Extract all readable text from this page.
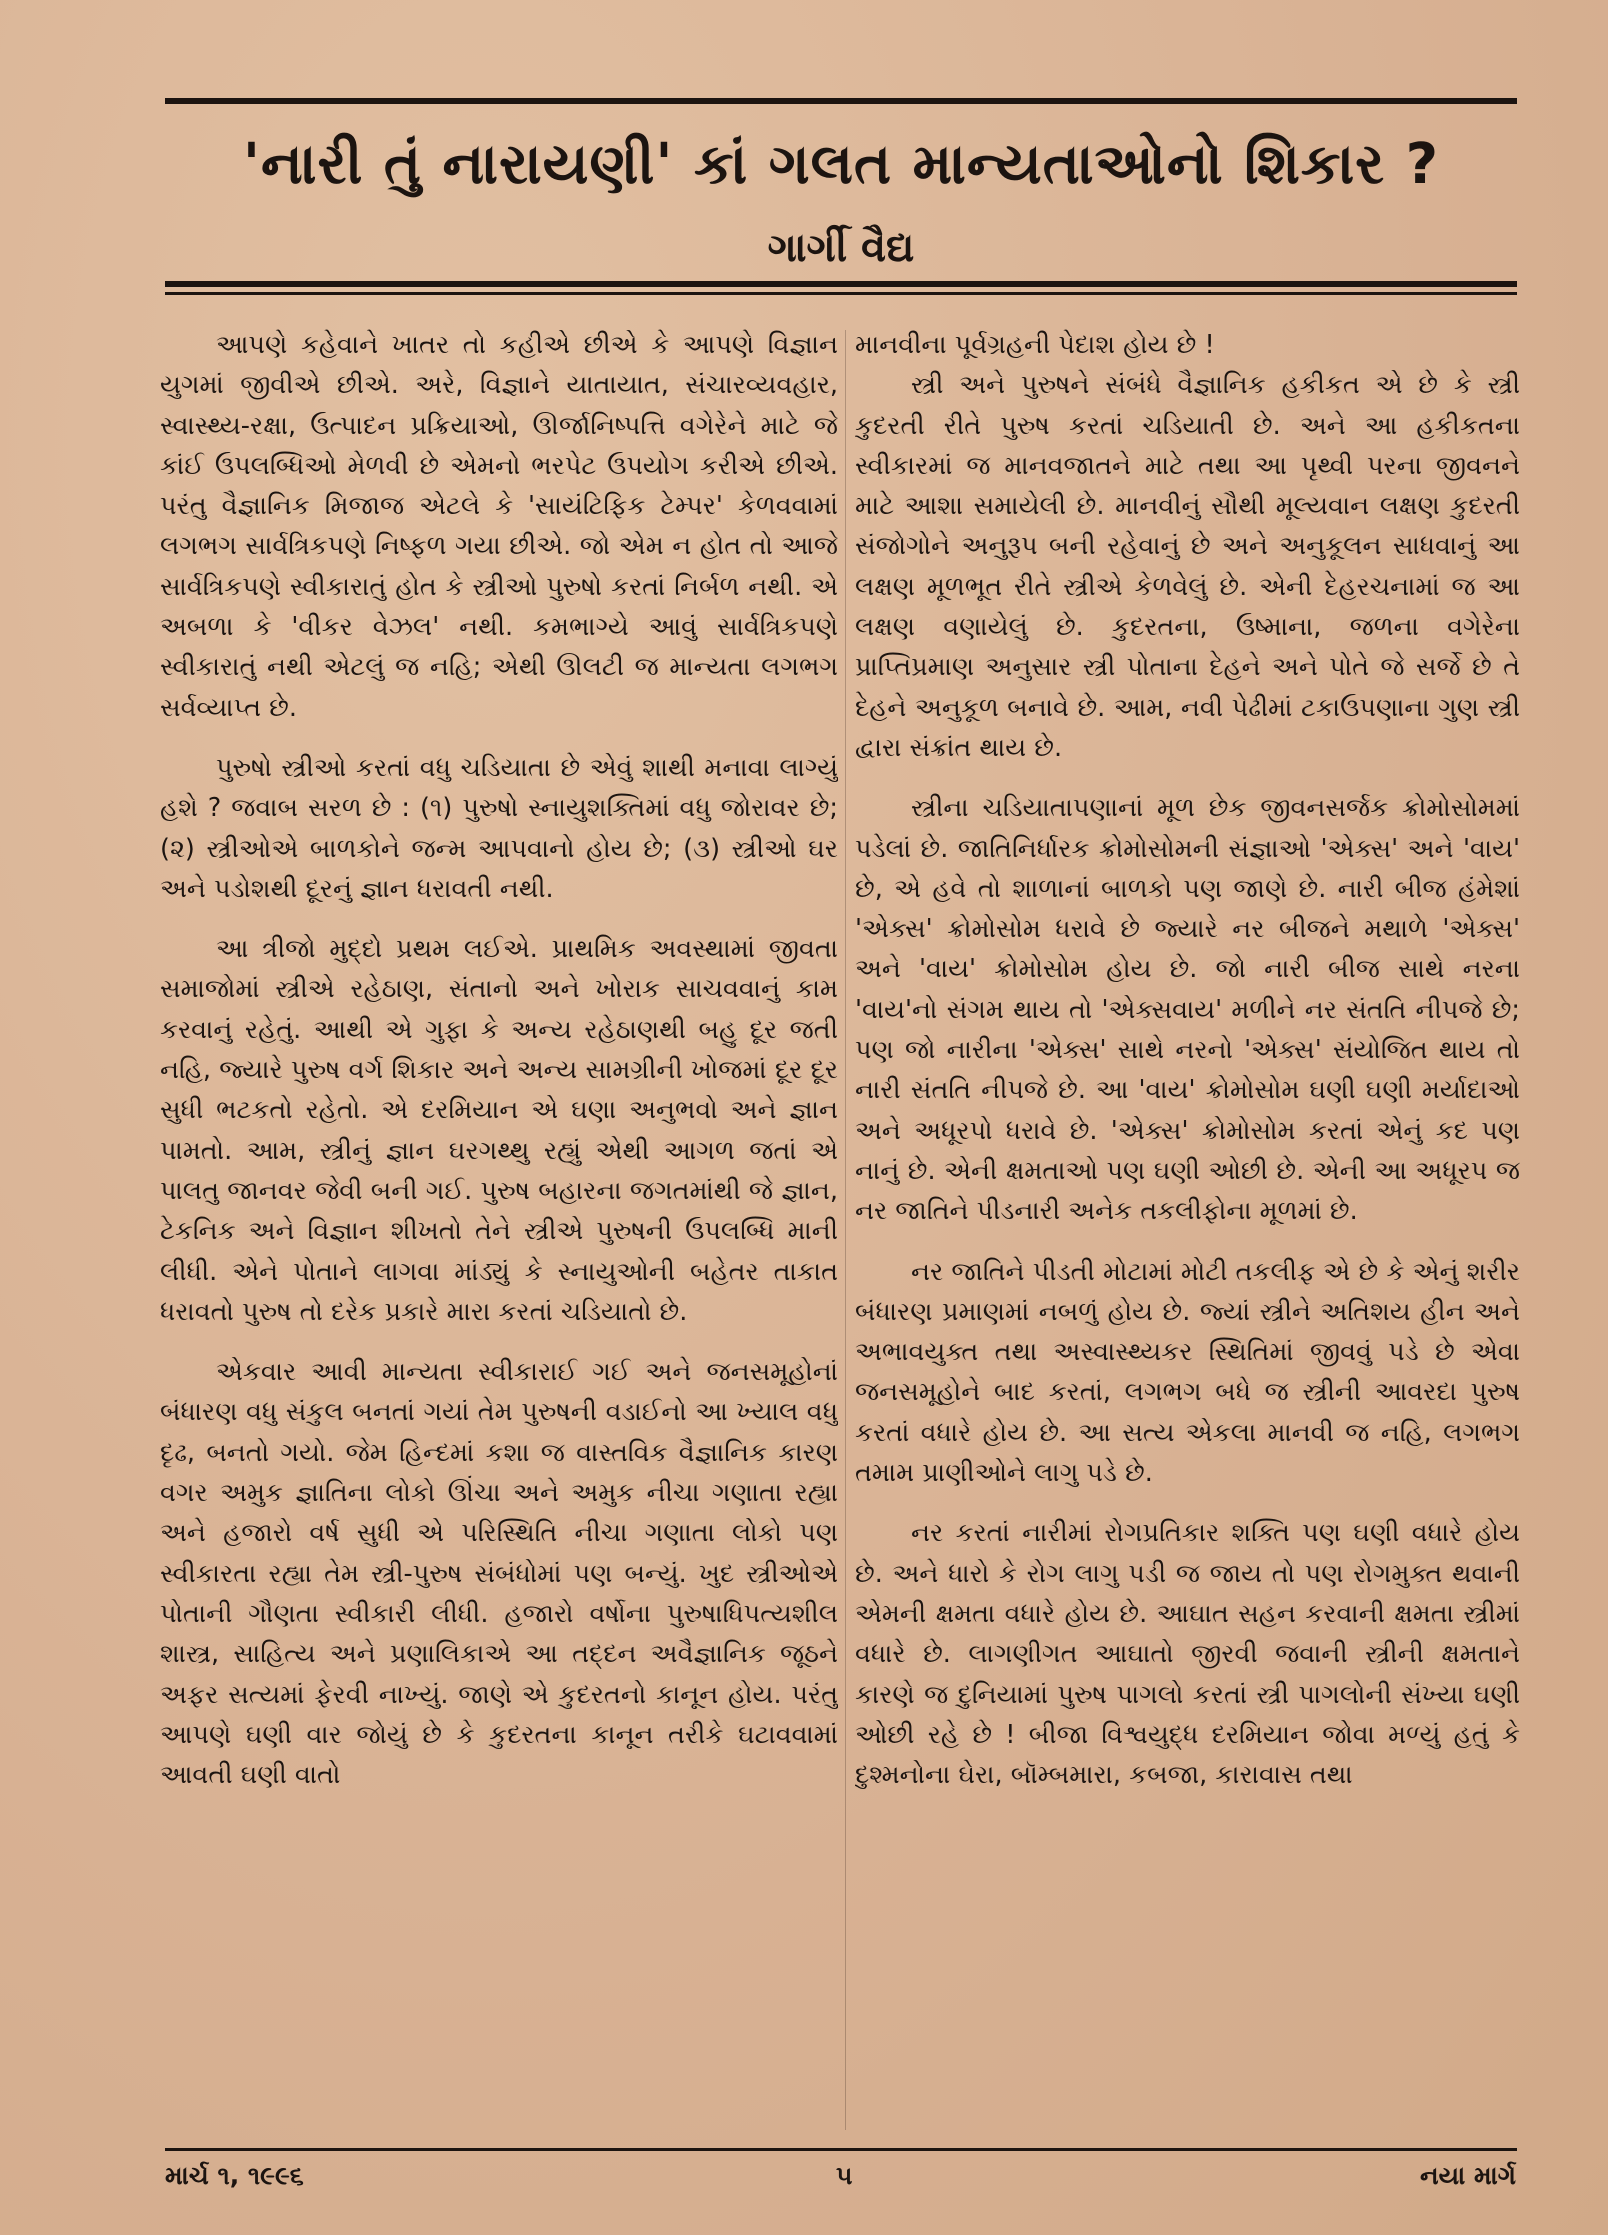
'નારી તું નારાયણી' કાં ગલત માન્યતાઓનો શિકાર ?
ગાર્ગી વૈદ્ય

આપણે કહેવાને ખાતર તો કહીએ છીએ કે આપણે વિજ્ઞાન યુગમાં જીવીએ છીએ. અરે, વિજ્ઞાને યાતાયાત, સંચારવ્યવહાર, સ્વાસ્થ્ય-રક્ષા, ઉત્પાદન પ્રક્રિયાઓ, ઊર્જાનિષ્પત્તિ વગેરેને માટે જે કાંઈ ઉપલબ્ધિઓ મેળવી છે એમનો ભરપેટ ઉપયોગ કરીએ છીએ. પરંતુ વૈજ્ઞાનિક મિજાજ એટલે કે 'સાયંટિફિક ટેમ્પર' કેળવવામાં લગભગ સાર્વત્રિકપણે નિષ્ફળ ગયા છીએ. જો એમ ન હોત તો આજે સાર્વત્રિકપણે સ્વીકારાતું હોત કે સ્ત્રીઓ પુરુષો કરતાં નિર્બળ નથી. એ અબળા કે 'વીકર વેઝલ' નથી. કમભાગ્યે આવું સાર્વત્રિકપણે સ્વીકારાતું નથી એટલું જ નહિ; એથી ઊલટી જ માન્યતા લગભગ સર્વવ્યાપ્ત છે.

પુરુષો સ્ત્રીઓ કરતાં વધુ ચડિયાતા છે એવું શાથી મનાવા લાગ્યું હશે ? જવાબ સરળ છે : (૧) પુરુષો સ્નાયુશક્તિમાં વધુ જોરાવર છે; (૨) સ્ત્રીઓએ બાળકોને જન્મ આપવાનો હોય છે; (૩) સ્ત્રીઓ ઘર અને પડોશથી દૂરનું જ્ઞાન ધરાવતી નથી.

આ ત્રીજો મુદ્દો પ્રથમ લઈએ. પ્રાથમિક અવસ્થામાં જીવતા સમાજોમાં સ્ત્રીએ રહેઠાણ, સંતાનો અને ખોરાક સાચવવાનું કામ કરવાનું રહેતું. આથી એ ગુફા કે અન્ય રહેઠાણથી બહુ દૂર જતી નહિ, જ્યારે પુરુષ વર્ગ શિકાર અને અન્ય સામગ્રીની ખોજમાં દૂર દૂર સુધી ભટકતો રહેતો. એ દરમિયાન એ ઘણા અનુભવો અને જ્ઞાન પામતો. આમ, સ્ત્રીનું જ્ઞાન ઘરગથ્થુ રહ્યું એથી આગળ જતાં એ પાલતુ જાનવર જેવી બની ગઈ. પુરુષ બહારના જગતમાંથી જે જ્ઞાન, ટેકનિક અને વિજ્ઞાન શીખતો તેને સ્ત્રીએ પુરુષની ઉપલબ્ધિ માની લીધી. એને પોતાને લાગવા માંડ્યું કે સ્નાયુઓની બહેતર તાકાત ધરાવતો પુરુષ તો દરેક પ્રકારે મારા કરતાં ચડિયાતો છે.

એકવાર આવી માન્યતા સ્વીકારાઈ ગઈ અને જનસમૂહોનાં બંધારણ વધુ સંકુલ બનતાં ગયાં તેમ પુરુષની વડાઈનો આ ખ્યાલ વધુ દૃઢ, બનતો ગયો. જેમ હિન્દમાં કશા જ વાસ્તવિક વૈજ્ઞાનિક કારણ વગર અમુક જ્ઞાતિના લોકો ઊંચા અને અમુક નીચા ગણાતા રહ્યા અને હજારો વર્ષ સુધી એ પરિસ્થિતિ નીચા ગણાતા લોકો પણ સ્વીકારતા રહ્યા તેમ સ્ત્રી-પુરુષ સંબંધોમાં પણ બન્યું. ખુદ સ્ત્રીઓએ પોતાની ગૌણતા સ્વીકારી લીધી. હજારો વર્ષોના પુરુષાધિપત્યશીલ શાસ્ત્ર, સાહિત્ય અને પ્રણાલિકાએ આ તદ્દન અવૈજ્ઞાનિક જૂઠને અફર સત્યમાં ફેરવી નાખ્યું. જાણે એ કુદરતનો કાનૂન હોય. પરંતુ આપણે ઘણી વાર જોયું છે કે કુદરતના કાનૂન તરીકે ઘટાવવામાં આવતી ઘણી વાતો

માનવીના પૂર્વગ્રહની પેદાશ હોય છે !

સ્ત્રી અને પુરુષને સંબંધે વૈજ્ઞાનિક હકીકત એ છે કે સ્ત્રી કુદરતી રીતે પુરુષ કરતાં ચડિયાતી છે. અને આ હકીકતના સ્વીકારમાં જ માનવજાતને માટે તથા આ પૃથ્વી પરના જીવનને માટે આશા સમાયેલી છે. માનવીનું સૌથી મૂલ્યવાન લક્ષણ કુદરતી સંજોગોને અનુરૂપ બની રહેવાનું છે અને અનુકૂલન સાધવાનું આ લક્ષણ મૂળભૂત રીતે સ્ત્રીએ કેળવેલું છે. એની દેહરચનામાં જ આ લક્ષણ વણાયેલું છે. કુદરતના, ઉષ્માના, જળના વગેરેના પ્રાપ્તિપ્રમાણ અનુસાર સ્ત્રી પોતાના દેહને અને પોતે જે સર્જે છે તે દેહને અનુકૂળ બનાવે છે. આમ, નવી પેઢીમાં ટકાઉપણાના ગુણ સ્ત્રી દ્વારા સંક્રાંત થાય છે.

સ્ત્રીના ચડિયાતાપણાનાં મૂળ છેક જીવનસર્જક ક્રોમોસોમમાં પડેલાં છે. જાતિનિર્ધારક ક્રોમોસોમની સંજ્ઞાઓ 'એક્સ' અને 'વાય' છે, એ હવે તો શાળાનાં બાળકો પણ જાણે છે. નારી બીજ હંમેશાં 'એક્સ' ક્રોમોસોમ ધરાવે છે જ્યારે નર બીજને મથાળે 'એક્સ' અને 'વાય' ક્રોમોસોમ હોય છે. જો નારી બીજ સાથે નરના 'વાય'નો સંગમ થાય તો 'એક્સવાય' મળીને નર સંતતિ નીપજે છે; પણ જો નારીના 'એક્સ' સાથે નરનો 'એક્સ' સંયોજિત થાય તો નારી સંતતિ નીપજે છે. આ 'વાય' ક્રોમોસોમ ઘણી ઘણી મર્યાદાઓ અને અધૂરપો ધરાવે છે. 'એક્સ' ક્રોમોસોમ કરતાં એનું કદ પણ નાનું છે. એની ક્ષમતાઓ પણ ઘણી ઓછી છે. એની આ અધૂરપ જ નર જાતિને પીડનારી અનેક તકલીફોના મૂળમાં છે.

નર જાતિને પીડતી મોટામાં મોટી તકલીફ એ છે કે એનું શરીર બંધારણ પ્રમાણમાં નબળું હોય છે. જ્યાં સ્ત્રીને અતિશય હીન અને અભાવયુક્ત તથા અસ્વાસ્થ્યકર સ્થિતિમાં જીવવું પડે છે એવા જનસમૂહોને બાદ કરતાં, લગભગ બધે જ સ્ત્રીની આવરદા પુરુષ કરતાં વધારે હોય છે. આ સત્ય એકલા માનવી જ નહિ, લગભગ તમામ પ્રાણીઓને લાગુ પડે છે.

નર કરતાં નારીમાં રોગપ્રતિકાર શક્તિ પણ ઘણી વધારે હોય છે. અને ધારો કે રોગ લાગુ પડી જ જાય તો પણ રોગમુક્ત થવાની એમની ક્ષમતા વધારે હોય છે. આઘાત સહન કરવાની ક્ષમતા સ્ત્રીમાં વધારે છે. લાગણીગત આઘાતો જીરવી જવાની સ્ત્રીની ક્ષમતાને કારણે જ દુનિયામાં પુરુષ પાગલો કરતાં સ્ત્રી પાગલોની સંખ્યા ઘણી ઓછી રહે છે ! બીજા વિશ્વયુદ્ધ દરમિયાન જોવા મળ્યું હતું કે દુશ્મનોના ઘેરા, બૉમ્બમારા, કબજા, કારાવાસ તથા

માર્ચ ૧, ૧૯૯૬	૫	નયા માર્ગ
